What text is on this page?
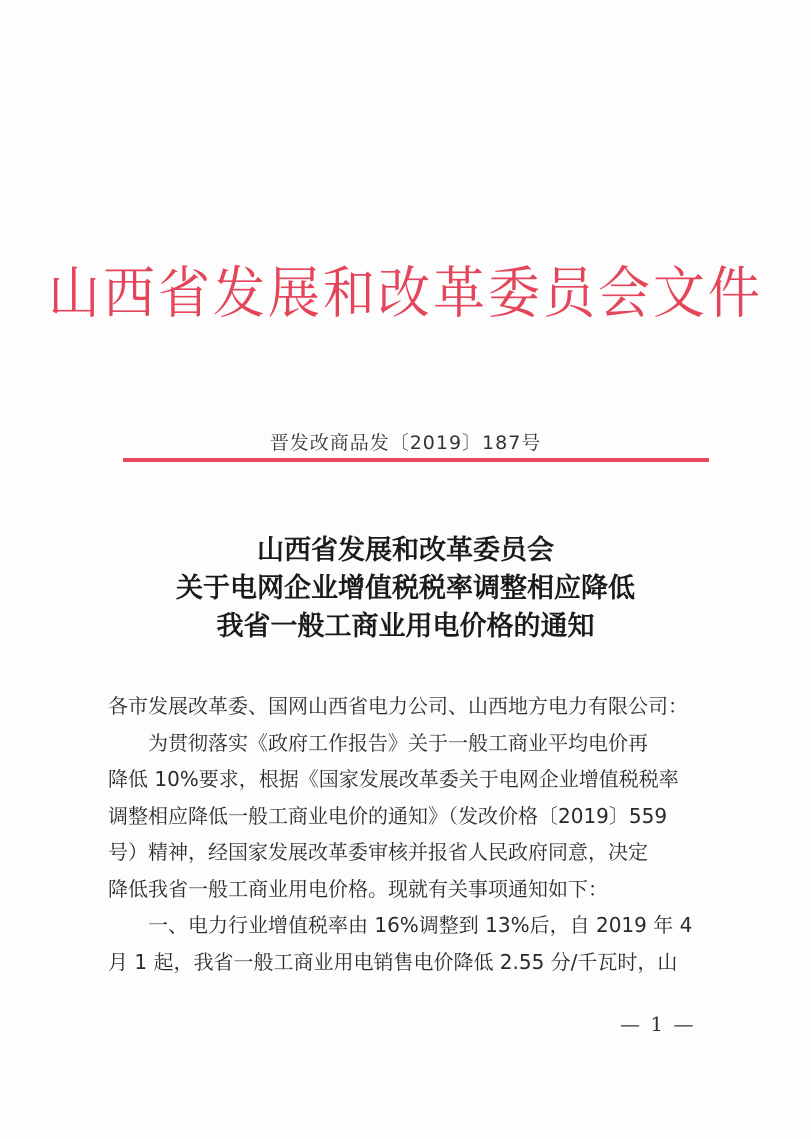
山西省发展和改革委员会文件
晋发改商品发〔2019〕187号
山西省发展和改革委员会
关于电网企业增值税税率调整相应降低
我省一般工商业用电价格的通知

各市发展改革委、国网山西省电力公司、山西地方电力有限公司：

为贯彻落实《政府工作报告》关于一般工商业平均电价再

降低 10%要求，根据《国家发展改革委关于电网企业增值税税率

调整相应降低一般工商业电价的通知》（发改价格〔2019〕559

号）精神，经国家发展改革委审核并报省人民政府同意，决定

降低我省一般工商业用电价格。现就有关事项通知如下：

一、电力行业增值税率由 16%调整到 13%后，自 2019 年 4

月 1 起，我省一般工商业用电销售电价降低 2.55 分/千瓦时，山

— 1 —
